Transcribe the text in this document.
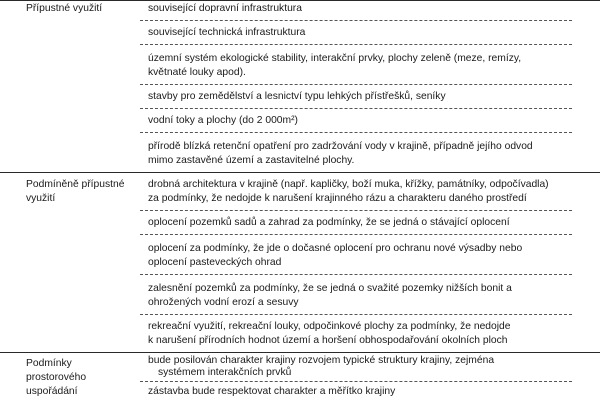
Přípustné využití	související dopravní infrastruktura
související technická infrastruktura
územní systém ekologické stability, interakční prvky, plochy zeleně (meze, remízy,
květnaté louky apod).
stavby pro zemědělství a lesnictví typu lehkých přístřešků, seníky
vodní toky a plochy (do 2 000m²)
přírodě blízká retenční opatření pro zadržování vody v krajině, případně jejího odvod
mimo zastavěné území a zastavitelné plochy.
Podmíněně přípustné
využití
drobná architektura v krajině (např. kapličky, boží muka, křížky, památníky, odpočívadla)
za podmínky, že nedojde k narušení krajinného rázu a charakteru daného prostředí
oplocení pozemků sadů a zahrad za podmínky, že se jedná o stávající oplocení
oplocení za podmínky, že jde o dočasné oplocení pro ochranu nové výsadby nebo
oplocení pasteveckých ohrad
zalesnění pozemků za podmínky, že se jedná o svažité pozemky nižších bonit a
ohrožených vodní erozí a sesuvy
rekreační využití, rekreační louky, odpočinkové plochy za podmínky, že nedojde
k narušení přírodních hodnot území a horšení obhospodařování okolních ploch
Podmínky
prostorového
uspořádání
bude posilován charakter krajiny rozvojem typické struktury krajiny, zejména
systémem interakčních prvků
zástavba bude respektovat charakter a měřítko krajiny
